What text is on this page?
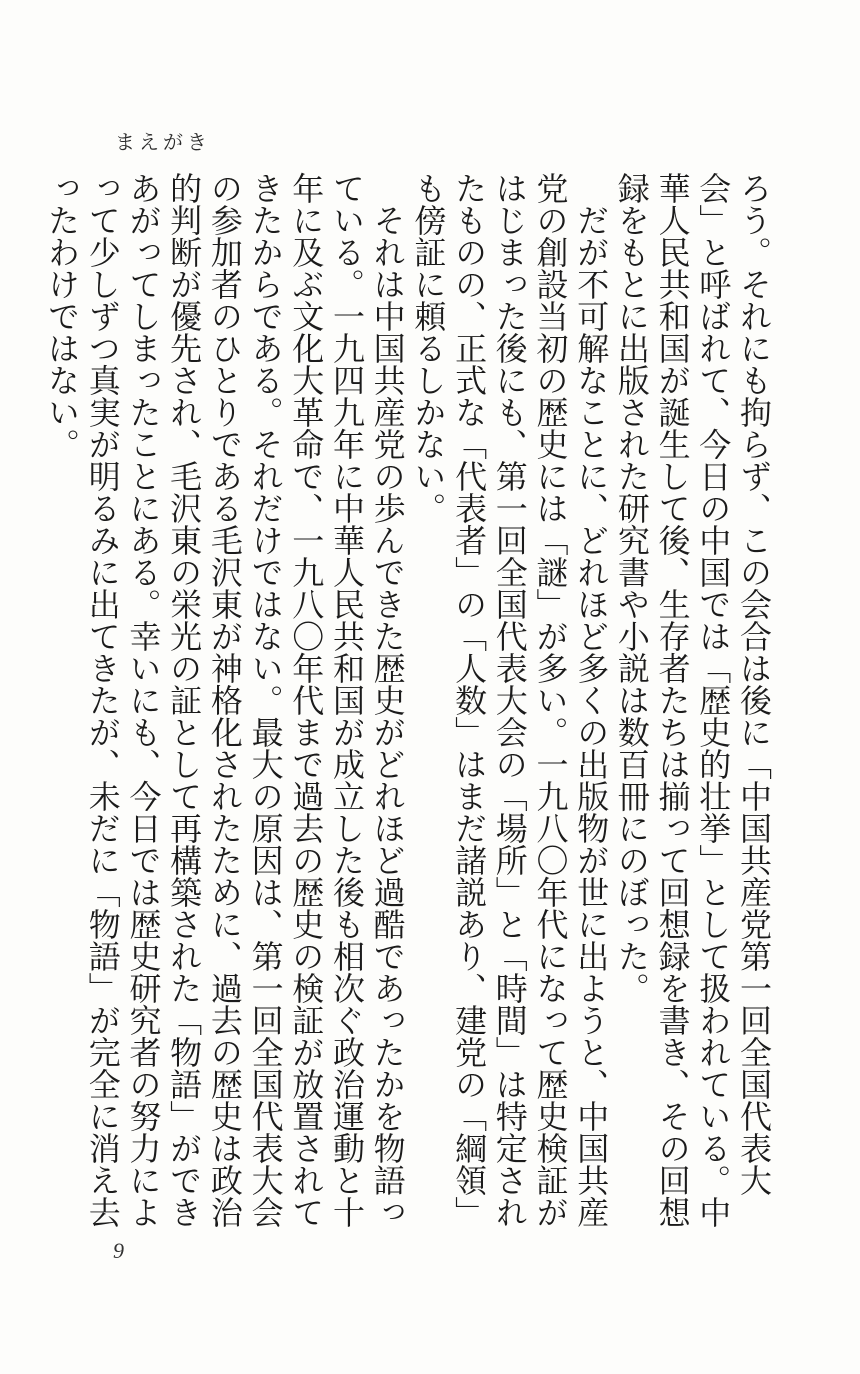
まえがき

ろう。それにも拘らず、この会合は後に「中国共産党第一回全国代表大会」と呼ばれて、今日の中国では「歴史的壮挙」として扱われている。中華人民共和国が誕生して後、生存者たちは揃って回想録を書き、その回想録をもとに出版された研究書や小説は数百冊にのぼった。

だが不可解なことに、どれほど多くの出版物が世に出ようと、中国共産党の創設当初の歴史には「謎」が多い。一九八〇年代になって歴史検証がはじまった後にも、第一回全国代表大会の「場所」と「時間」は特定されたものの、正式な「代表者」の「人数」はまだ諸説あり、建党の「綱領」も傍証に頼るしかない。

それは中国共産党の歩んできた歴史がどれほど過酷であったかを物語っている。一九四九年に中華人民共和国が成立した後も相次ぐ政治運動と十年に及ぶ文化大革命で、一九八〇年代まで過去の歴史の検証が放置されてきたからである。それだけではない。最大の原因は、第一回全国代表大会の参加者のひとりである毛沢東が神格化されたために、過去の歴史は政治的判断が優先され、毛沢東の栄光の証として再構築された「物語」ができあがってしまったことにある。幸いにも、今日では歴史研究者の努力によって少しずつ真実が明るみに出てきたが、未だに「物語」が完全に消え去ったわけではない。

9
